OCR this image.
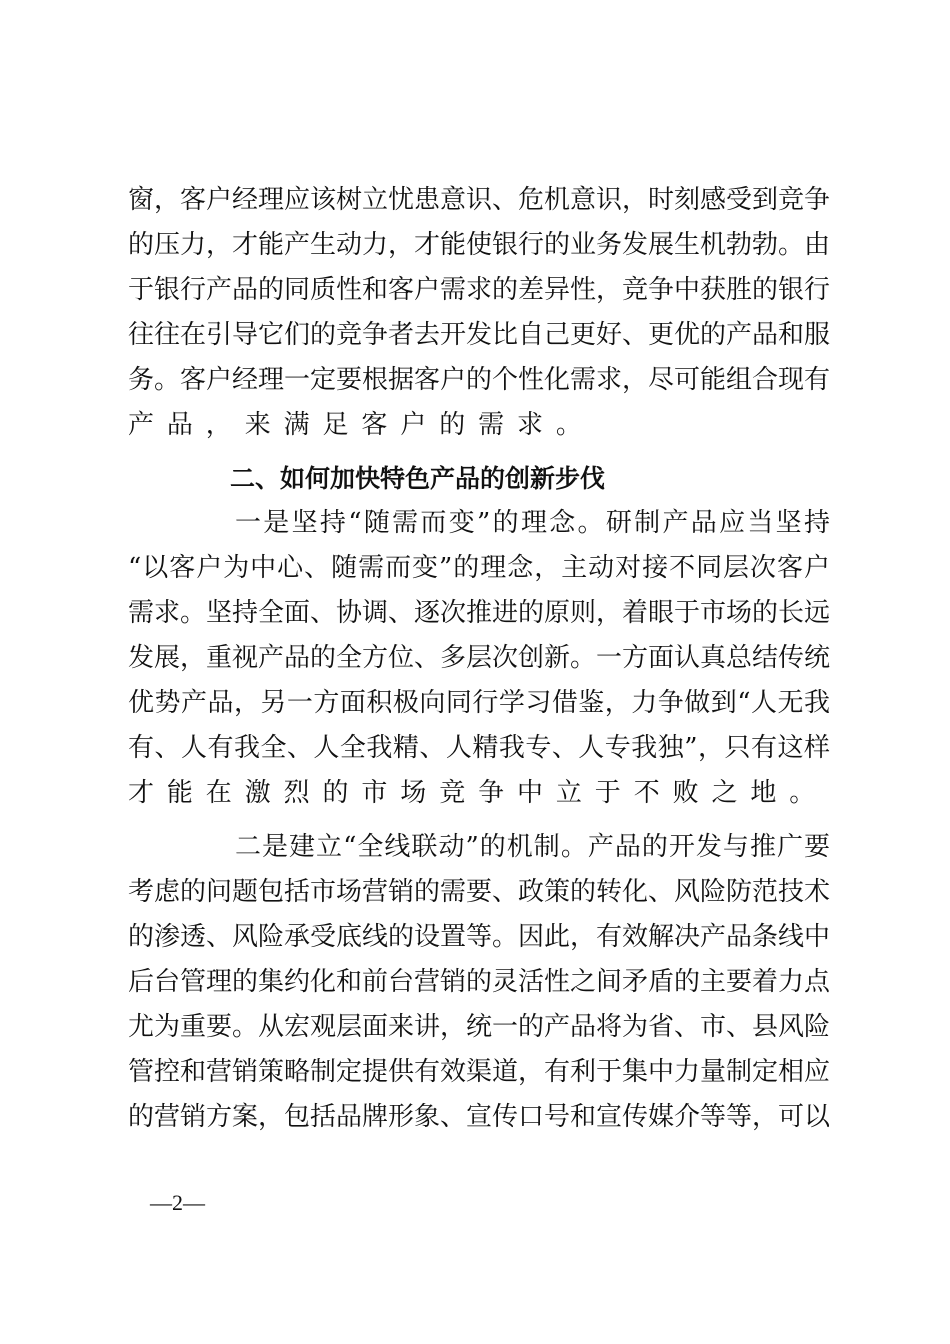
窗，客户经理应该树立忧患意识、危机意识，时刻感受到竞争
的压力，才能产生动力，才能使银行的业务发展生机勃勃。由
于银行产品的同质性和客户需求的差异性，竞争中获胜的银行
往往在引导它们的竞争者去开发比自己更好、更优的产品和服
务。客户经理一定要根据客户的个性化需求，尽可能组合现有
产品，来满足客户的需求。
二、如何加快特色产品的创新步伐
一是坚持“随需而变”的理念。研制产品应当坚持
“以客户为中心、随需而变”的理念，主动对接不同层次客户
需求。坚持全面、协调、逐次推进的原则，着眼于市场的长远
发展，重视产品的全方位、多层次创新。一方面认真总结传统
优势产品，另一方面积极向同行学习借鉴，力争做到“人无我
有、人有我全、人全我精、人精我专、人专我独”，只有这样
才能在激烈的市场竞争中立于不败之地。
二是建立“全线联动”的机制。产品的开发与推广要
考虑的问题包括市场营销的需要、政策的转化、风险防范技术
的渗透、风险承受底线的设置等。因此，有效解决产品条线中
后台管理的集约化和前台营销的灵活性之间矛盾的主要着力点
尤为重要。从宏观层面来讲，统一的产品将为省、市、县风险
管控和营销策略制定提供有效渠道，有利于集中力量制定相应
的营销方案，包括品牌形象、宣传口号和宣传媒介等等，可以
—2—
